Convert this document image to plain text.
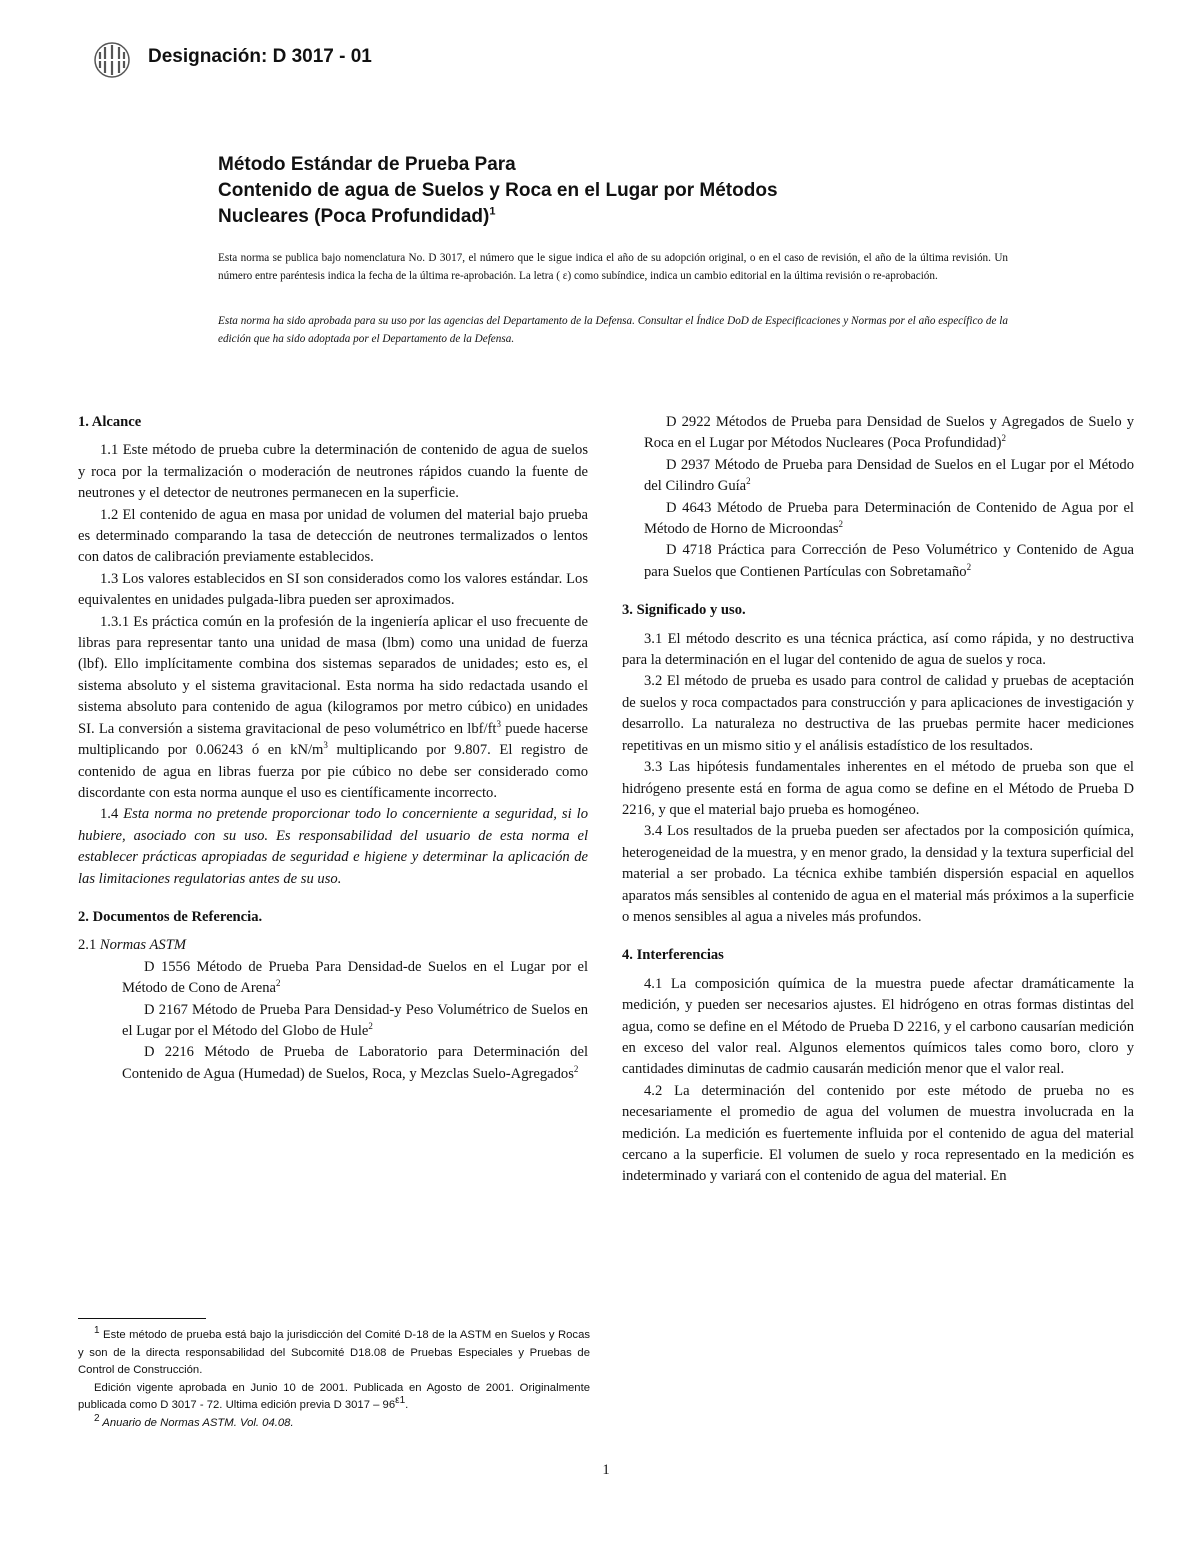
Designación: D 3017 - 01
Método Estándar de Prueba Para
Contenido de agua de Suelos y Roca en el Lugar por Métodos
Nucleares (Poca Profundidad)$^1$
Esta norma se publica bajo nomenclatura No. D 3017, el número que le sigue indica el año de su adopción original, o en el caso de revisión, el año de la última revisión. Un número entre paréntesis indica la fecha de la última re-aprobación. La letra ( ε) como subíndice, indica un cambio editorial en la última revisión o re-aprobación.
Esta norma ha sido aprobada para su uso por las agencias del Departamento de la Defensa. Consultar el Índice DoD de Especificaciones y Normas por el año específico de la edición que ha sido adoptada por el Departamento de la Defensa.
1. Alcance

1.1 Este método de prueba cubre la determinación de contenido de agua de suelos y roca por la termalización o moderación de neutrones rápidos cuando la fuente de neutrones y el detector de neutrones permanecen en la superficie.

1.2 El contenido de agua en masa por unidad de volumen del material bajo prueba es determinado comparando la tasa de detección de neutrones termalizados o lentos con datos de calibración previamente establecidos.

1.3 Los valores establecidos en SI son considerados como los valores estándar. Los equivalentes en unidades pulgada-libra pueden ser aproximados.

1.3.1 Es práctica común en la profesión de la ingeniería aplicar el uso frecuente de libras para representar tanto una unidad de masa (lbm) como una unidad de fuerza (lbf). Ello implícitamente combina dos sistemas separados de unidades; esto es, el sistema absoluto y el sistema gravitacional. Esta norma ha sido redactada usando el sistema absoluto para contenido de agua (kilogramos por metro cúbico) en unidades SI. La conversión a sistema gravitacional de peso volumétrico en lbf/$ft^3$ puede hacerse multiplicando por 0.06243 ó en $kN/m^3$ multiplicando por 9.807. El registro de contenido de agua en libras fuerza por pie cúbico no debe ser considerado como discordante con esta norma aunque el uso es científicamente incorrecto.

1.4 Esta norma no pretende proporcionar todo lo concerniente a seguridad, si lo hubiere, asociado con su uso. Es responsabilidad del usuario de esta norma el establecer prácticas apropiadas de seguridad e higiene y determinar la aplicación de las limitaciones regulatorias antes de su uso.

2. Documentos de Referencia.

2.1 Normas ASTM

D 1556 Método de Prueba Para Densidad-de Suelos en el Lugar por el Método de Cono de Arena$^2$

D 2167 Método de Prueba Para Densidad-y Peso Volumétrico de Suelos en el Lugar por el Método del Globo de Hule$^2$

D 2216 Método de Prueba de Laboratorio para Determinación del Contenido de Agua (Humedad) de Suelos, Roca, y Mezclas Suelo-Agregados$^2$

D 2922 Métodos de Prueba para Densidad de Suelos y Agregados de Suelo y Roca en el Lugar por Métodos Nucleares (Poca Profundidad)$^2$

D 2937 Método de Prueba para Densidad de Suelos en el Lugar por el Método del Cilindro Guía$^2$

D 4643 Método de Prueba para Determinación de Contenido de Agua por el Método de Horno de Microondas$^2$

D 4718 Práctica para Corrección de Peso Volumétrico y Contenido de Agua para Suelos que Contienen Partículas con Sobretamaño$^2$

3. Significado y uso.

3.1 El método descrito es una técnica práctica, así como rápida, y no destructiva para la determinación en el lugar del contenido de agua de suelos y roca.

3.2 El método de prueba es usado para control de calidad y pruebas de aceptación de suelos y roca compactados para construcción y para aplicaciones de investigación y desarrollo. La naturaleza no destructiva de las pruebas permite hacer mediciones repetitivas en un mismo sitio y el análisis estadístico de los resultados.

3.3 Las hipótesis fundamentales inherentes en el método de prueba son que el hidrógeno presente está en forma de agua como se define en el Método de Prueba D 2216, y que el material bajo prueba es homogéneo.

3.4 Los resultados de la prueba pueden ser afectados por la composición química, heterogeneidad de la muestra, y en menor grado, la densidad y la textura superficial del material a ser probado. La técnica exhibe también dispersión espacial en aquellos aparatos más sensibles al contenido de agua en el material más próximos a la superficie o menos sensibles al agua a niveles más profundos.

4. Interferencias

4.1 La composición química de la muestra puede afectar dramáticamente la medición, y pueden ser necesarios ajustes. El hidrógeno en otras formas distintas del agua, como se define en el Método de Prueba D 2216, y el carbono causarían medición en exceso del valor real. Algunos elementos químicos tales como boro, cloro y cantidades diminutas de cadmio causarán medición menor que el valor real.

4.2 La determinación del contenido por este método de prueba no es necesariamente el promedio de agua del volumen de muestra involucrada en la medición. La medición es fuertemente influida por el contenido de agua del material cercano a la superficie. El volumen de suelo y roca representado en la medición es indeterminado y variará con el contenido de agua del material. En

$^1$ Este método de prueba está bajo la jurisdicción del Comité D-18 de la ASTM en Suelos y Rocas y son de la directa responsabilidad del Subcomité D18.08 de Pruebas Especiales y Pruebas de Control de Construcción.

Edición vigente aprobada en Junio 10 de 2001. Publicada en Agosto de 2001. Originalmente publicada como D 3017 - 72. Ultima edición previa D $3017 - 96^{\varepsilon 1}$.

$^2$ Anuario de Normas ASTM. Vol. 04.08.

1
